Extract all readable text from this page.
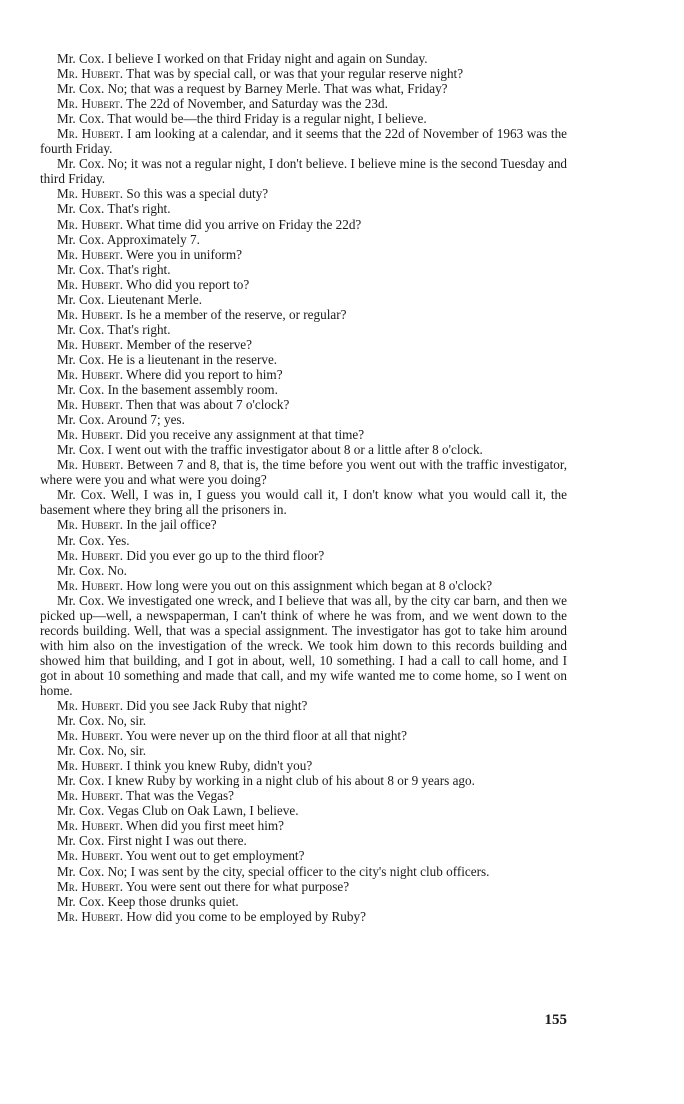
Mr. Cox. I believe I worked on that Friday night and again on Sunday.

Mr. Hubert. That was by special call, or was that your regular reserve night?

Mr. Cox. No; that was a request by Barney Merle. That was what, Friday?

Mr. Hubert. The 22d of November, and Saturday was the 23d.

Mr. Cox. That would be—the third Friday is a regular night, I believe.

Mr. Hubert. I am looking at a calendar, and it seems that the 22d of November of 1963 was the fourth Friday.

Mr. Cox. No; it was not a regular night, I don't believe. I believe mine is the second Tuesday and third Friday.

Mr. Hubert. So this was a special duty?

Mr. Cox. That's right.

Mr. Hubert. What time did you arrive on Friday the 22d?

Mr. Cox. Approximately 7.

Mr. Hubert. Were you in uniform?

Mr. Cox. That's right.

Mr. Hubert. Who did you report to?

Mr. Cox. Lieutenant Merle.

Mr. Hubert. Is he a member of the reserve, or regular?

Mr. Cox. That's right.

Mr. Hubert. Member of the reserve?

Mr. Cox. He is a lieutenant in the reserve.

Mr. Hubert. Where did you report to him?

Mr. Cox. In the basement assembly room.

Mr. Hubert. Then that was about 7 o'clock?

Mr. Cox. Around 7; yes.

Mr. Hubert. Did you receive any assignment at that time?

Mr. Cox. I went out with the traffic investigator about 8 or a little after 8 o'clock.

Mr. Hubert. Between 7 and 8, that is, the time before you went out with the traffic investigator, where were you and what were you doing?

Mr. Cox. Well, I was in, I guess you would call it, I don't know what you would call it, the basement where they bring all the prisoners in.

Mr. Hubert. In the jail office?

Mr. Cox. Yes.

Mr. Hubert. Did you ever go up to the third floor?

Mr. Cox. No.

Mr. Hubert. How long were you out on this assignment which began at 8 o'clock?

Mr. Cox. We investigated one wreck, and I believe that was all, by the city car barn, and then we picked up—well, a newspaperman, I can't think of where he was from, and we went down to the records building. Well, that was a special assignment. The investigator has got to take him around with him also on the investigation of the wreck. We took him down to this records building and showed him that building, and I got in about, well, 10 something. I had a call to call home, and I got in about 10 something and made that call, and my wife wanted me to come home, so I went on home.

Mr. Hubert. Did you see Jack Ruby that night?

Mr. Cox. No, sir.

Mr. Hubert. You were never up on the third floor at all that night?

Mr. Cox. No, sir.

Mr. Hubert. I think you knew Ruby, didn't you?

Mr. Cox. I knew Ruby by working in a night club of his about 8 or 9 years ago.

Mr. Hubert. That was the Vegas?

Mr. Cox. Vegas Club on Oak Lawn, I believe.

Mr. Hubert. When did you first meet him?

Mr. Cox. First night I was out there.

Mr. Hubert. You went out to get employment?

Mr. Cox. No; I was sent by the city, special officer to the city's night club officers.

Mr. Hubert. You were sent out there for what purpose?

Mr. Cox. Keep those drunks quiet.

Mr. Hubert. How did you come to be employed by Ruby?

155
